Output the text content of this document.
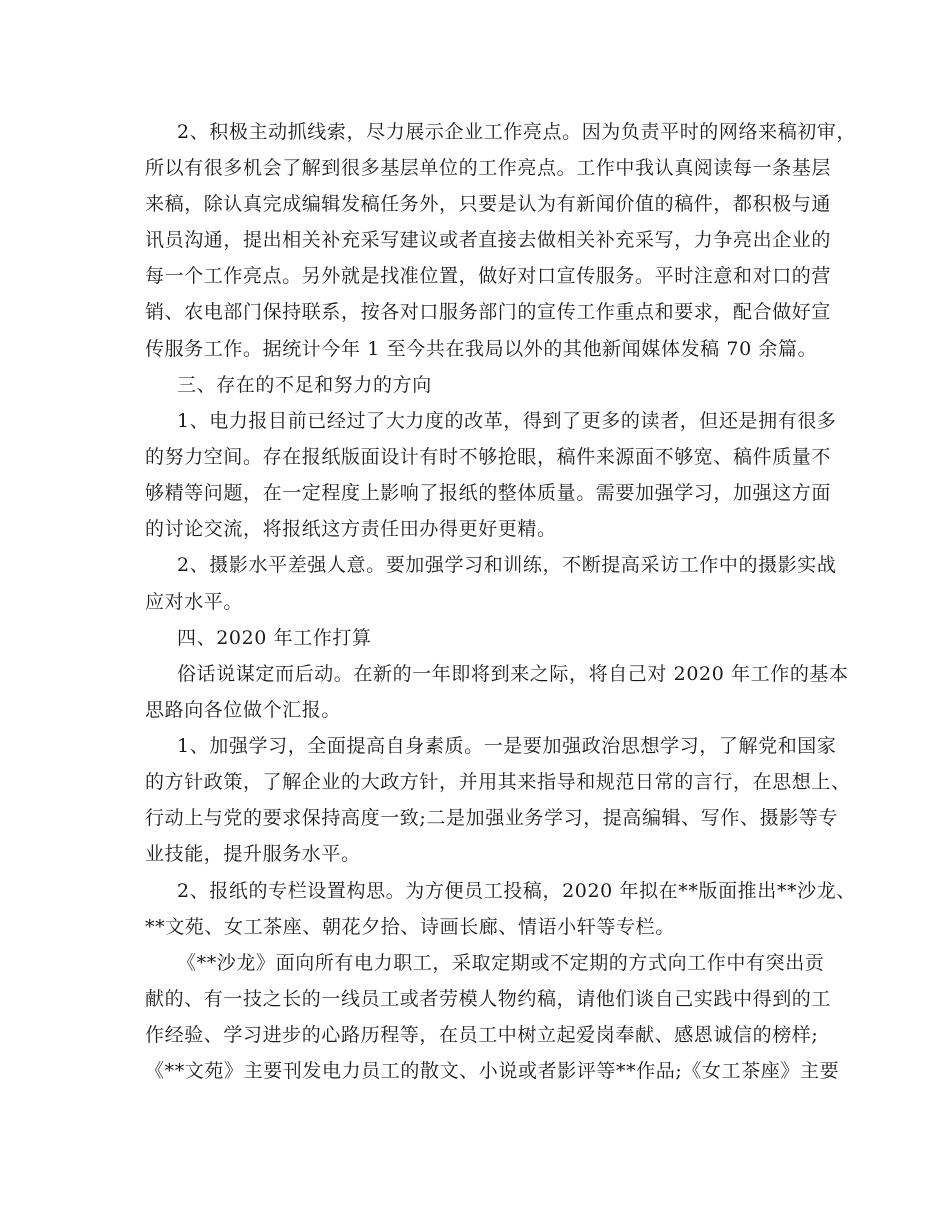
2、积极主动抓线索，尽力展示企业工作亮点。因为负责平时的网络来稿初审，
所以有很多机会了解到很多基层单位的工作亮点。工作中我认真阅读每一条基层
来稿，除认真完成编辑发稿任务外，只要是认为有新闻价值的稿件，都积极与通
讯员沟通，提出相关补充采写建议或者直接去做相关补充采写，力争亮出企业的
每一个工作亮点。另外就是找准位置，做好对口宣传服务。平时注意和对口的营
销、农电部门保持联系，按各对口服务部门的宣传工作重点和要求，配合做好宣
传服务工作。据统计今年 1 至今共在我局以外的其他新闻媒体发稿 70 余篇。
三、存在的不足和努力的方向
1、电力报目前已经过了大力度的改革，得到了更多的读者，但还是拥有很多
的努力空间。存在报纸版面设计有时不够抢眼，稿件来源面不够宽、稿件质量不
够精等问题，在一定程度上影响了报纸的整体质量。需要加强学习，加强这方面
的讨论交流，将报纸这方责任田办得更好更精。
2、摄影水平差强人意。要加强学习和训练，不断提高采访工作中的摄影实战
应对水平。
四、2020 年工作打算
俗话说谋定而后动。在新的一年即将到来之际，将自己对 2020 年工作的基本
思路向各位做个汇报。
1、加强学习，全面提高自身素质。一是要加强政治思想学习，了解党和国家
的方针政策，了解企业的大政方针，并用其来指导和规范日常的言行，在思想上、
行动上与党的要求保持高度一致;二是加强业务学习，提高编辑、写作、摄影等专
业技能，提升服务水平。
2、报纸的专栏设置构思。为方便员工投稿，2020 年拟在**版面推出**沙龙、
**文苑、女工茶座、朝花夕拾、诗画长廊、情语小轩等专栏。
《**沙龙》面向所有电力职工，采取定期或不定期的方式向工作中有突出贡
献的、有一技之长的一线员工或者劳模人物约稿，请他们谈自己实践中得到的工
作经验、学习进步的心路历程等，在员工中树立起爱岗奉献、感恩诚信的榜样;
《**文苑》主要刊发电力员工的散文、小说或者影评等**作品;《女工茶座》主要
